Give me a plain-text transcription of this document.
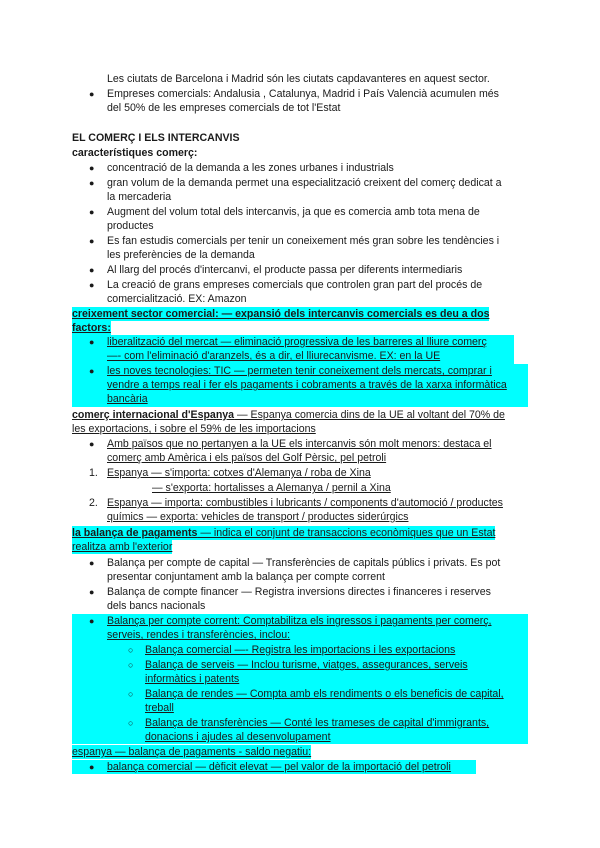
Les ciutats de Barcelona i Madrid són les ciutats capdavanteres en aquest sector.
● Empreses comercials: Andalusia , Catalunya, Madrid i País Valencià acumulen més
del 50% de les empreses comercials de tot l'Estat
EL COMERÇ I ELS INTERCANVIS
característiques comerç:
● concentració de la demanda a les zones urbanes i industrials
● gran volum de la demanda permet una especialització creixent del comerç dedicat a
la mercaderia
● Augment del volum total dels intercanvis, ja que es comercia amb tota mena de
productes
● Es fan estudis comercials per tenir un coneixement més gran sobre les tendències i
les preferències de la demanda
● Al llarg del procés d'intercanvi, el producte passa per diferents intermediaris
● La creació de grans empreses comercials que controlen gran part del procés de
comercialització. EX: Amazon
creixement sector comercial: — expansió dels intercanvis comercials es deu a dos
factors:
● liberalització del mercat — eliminació progressiva de les barreres al lliure comerç
—- com l'eliminació d'aranzels, és a dir, el lliurecanvisme. EX: en la UE
● les noves tecnologies: TIC — permeten tenir coneixement dels mercats, comprar i
vendre a temps real i fer els pagaments i cobraments a través de la xarxa informàtica
bancària
comerç internacional d'Espanya — Espanya comercia dins de la UE al voltant del 70% de
les exportacions, i sobre el 59% de les importacions
● Amb països que no pertanyen a la UE els intercanvis són molt menors: destaca el
comerç amb Amèrica i els països del Golf Pèrsic, pel petroli
1. Espanya — s'importa: cotxes d'Alemanya / roba de Xina
— s'exporta: hortalisses a Alemanya / pernil a Xina
2. Espanya — importa: combustibles i lubricants / components d'automoció / productes
químics — exporta: vehicles de transport / productes siderúrgics
la balança de pagaments — indica el conjunt de transaccions econòmiques que un Estat
realitza amb l'exterior
● Balança per compte de capital — Transferències de capitals públics i privats. Es pot
presentar conjuntament amb la balança per compte corrent
● Balança de compte financer — Registra inversions directes i financeres i reserves
dels bancs nacionals
● Balança per compte corrent: Comptabilitza els ingressos i pagaments per comerç,
serveis, rendes i transferències, inclou:
○ Balança comercial —- Registra les importacions i les exportacions
○ Balança de serveis — Inclou turisme, viatges, assegurances, serveis
informàtics i patents
○ Balança de rendes — Compta amb els rendiments o els beneficis de capital,
treball
○ Balança de transferències — Conté les trameses de capital d'immigrants,
donacions i ajudes al desenvolupament
espanya — balança de pagaments - saldo negatiu:
● balança comercial — dèficit elevat — pel valor de la importació del petroli
